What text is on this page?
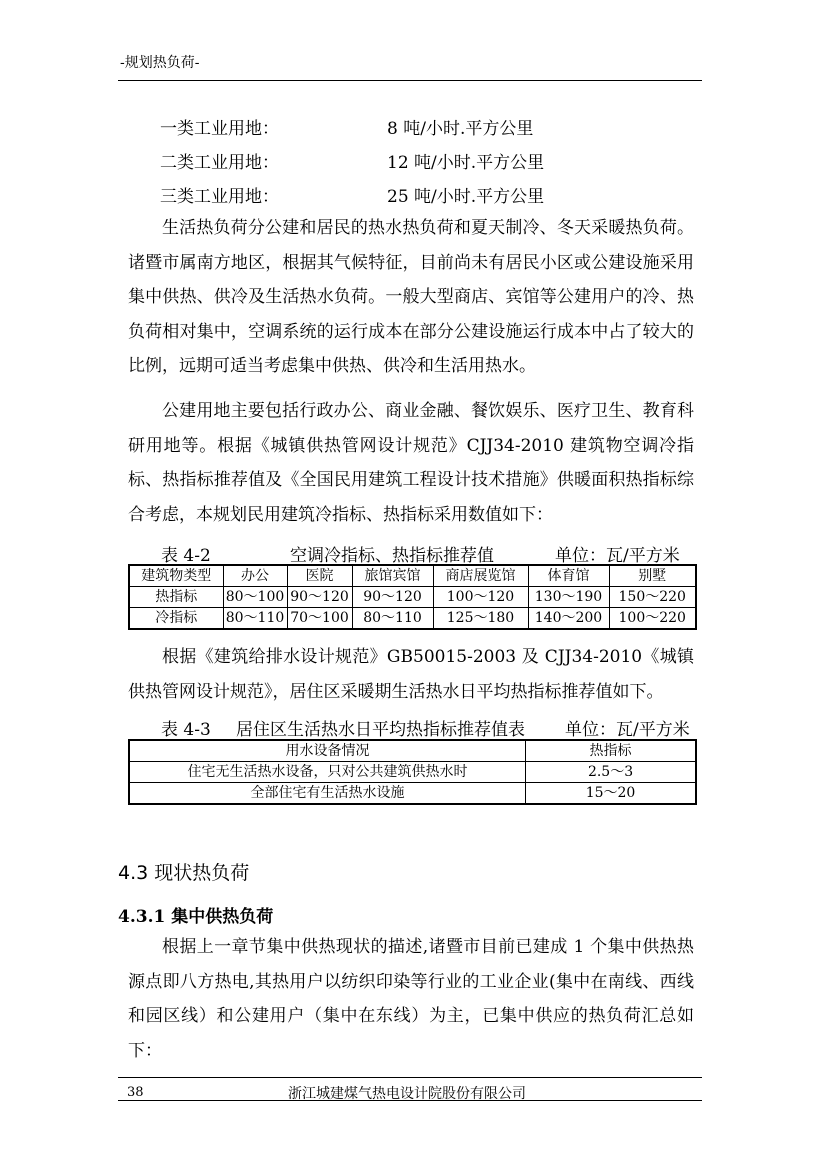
-规划热负荷-
一类工业用地：	8 吨/小时.平方公里
二类工业用地：	12 吨/小时.平方公里
三类工业用地：	25 吨/小时.平方公里
生活热负荷分公建和居民的热水热负荷和夏天制冷、冬天采暖热负荷。诸暨市属南方地区，根据其气候特征，目前尚未有居民小区或公建设施采用集中供热、供冷及生活热水负荷。一般大型商店、宾馆等公建用户的冷、热负荷相对集中，空调系统的运行成本在部分公建设施运行成本中占了较大的比例，远期可适当考虑集中供热、供冷和生活用热水。
公建用地主要包括行政办公、商业金融、餐饮娱乐、医疗卫生、教育科研用地等。根据《城镇供热管网设计规范》CJJ34-2010 建筑物空调冷指标、热指标推荐值及《全国民用建筑工程设计技术措施》供暖面积热指标综合考虑，本规划民用建筑冷指标、热指标采用数值如下：
表 4-2	空调冷指标、热指标推荐值	单位：瓦/平方米
建筑物类型	办公	医院	旅馆宾馆	商店展览馆	体育馆	别墅
热指标	80～100	90～120	90～120	100～120	130～190	150～220
冷指标	80～110	70～100	80～110	125～180	140～200	100～220
根据《建筑给排水设计规范》GB50015-2003 及 CJJ34-2010《城镇供热管网设计规范》，居住区采暖期生活热水日平均热指标推荐值如下。
表 4-3 居住区生活热水日平均热指标推荐值表 单位：瓦/平方米
用水设备情况	热指标
住宅无生活热水设备，只对公共建筑供热水时	2.5～3
全部住宅有生活热水设施	15～20
4.3 现状热负荷
4.3.1 集中供热负荷
根据上一章节集中供热现状的描述,诸暨市目前已建成 1 个集中供热热源点即八方热电,其热用户以纺织印染等行业的工业企业(集中在南线、西线和园区线）和公建用户（集中在东线）为主，已集中供应的热负荷汇总如下：
38	浙江城建煤气热电设计院股份有限公司
